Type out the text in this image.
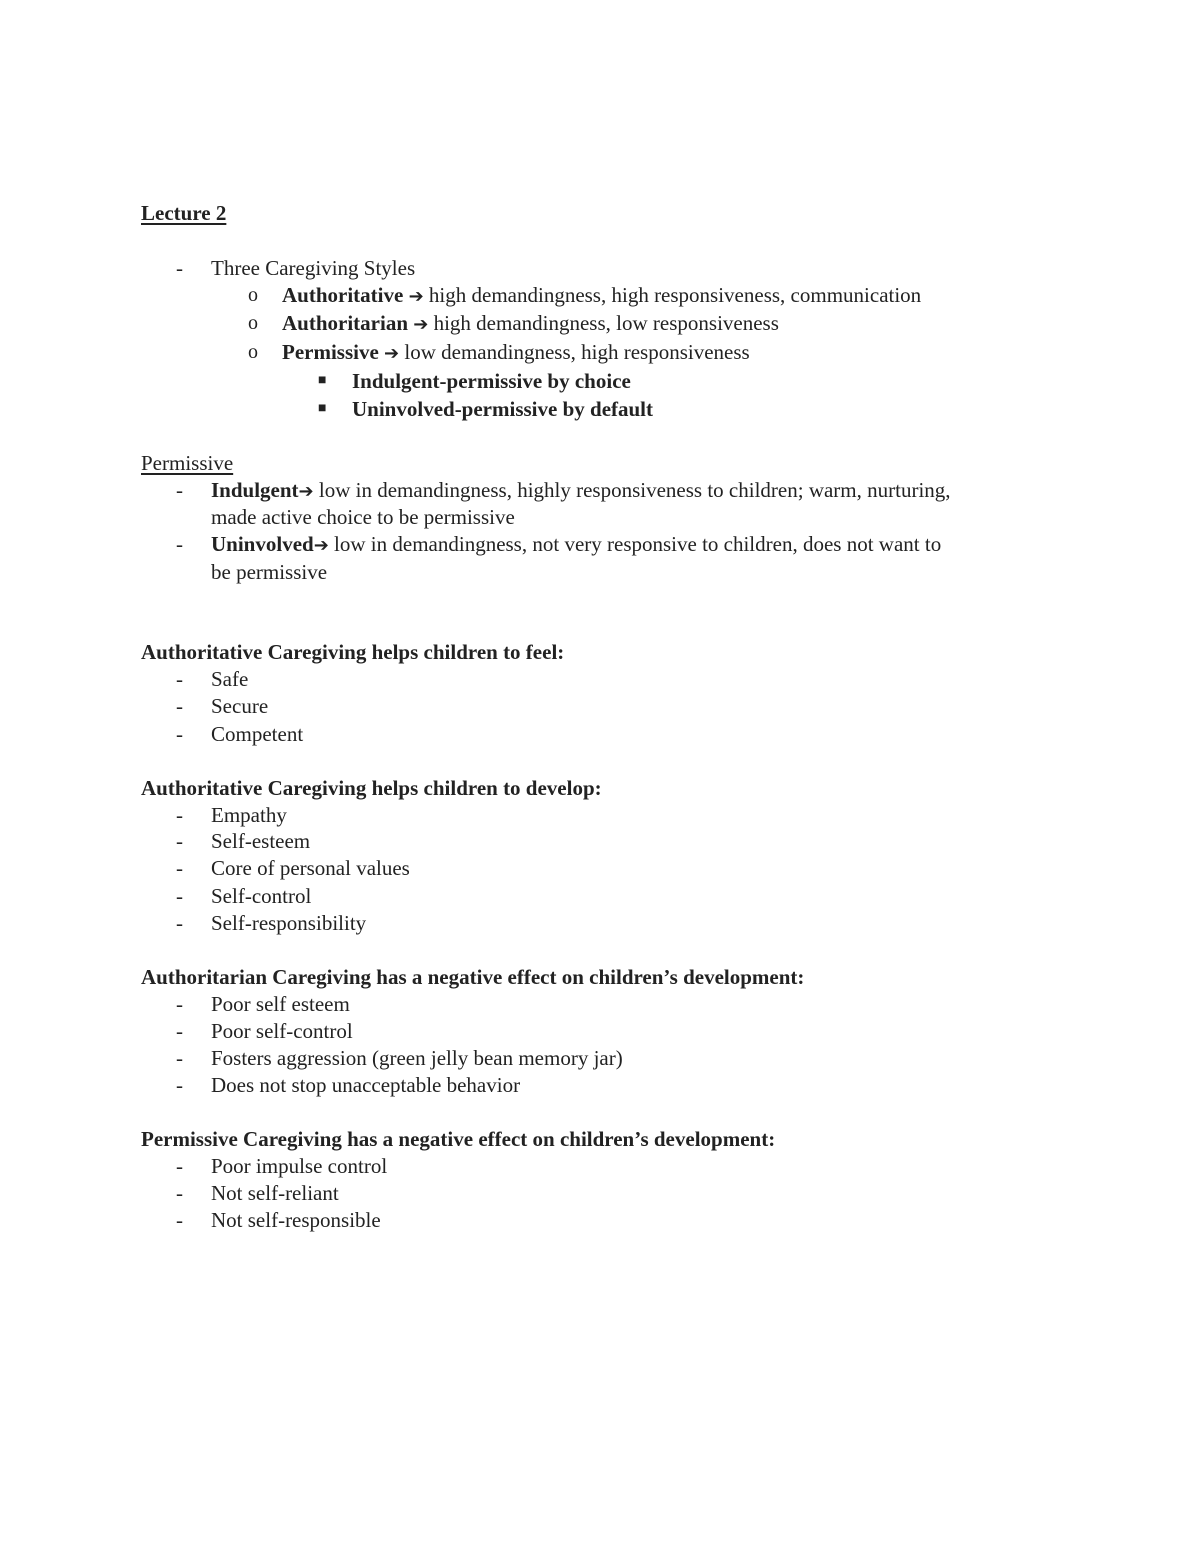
Lecture 2
-	Three Caregiving Styles
o	Authoritative ➔ high demandingness, high responsiveness, communication
o	Authoritarian ➔ high demandingness, low responsiveness
o	Permissive ➔ low demandingness, high responsiveness
■	Indulgent-permissive by choice
■	Uninvolved-permissive by default
Permissive
-	Indulgent➔ low in demandingness, highly responsiveness to children; warm, nurturing,
made active choice to be permissive
-	Uninvolved➔ low in demandingness, not very responsive to children, does not want to
be permissive
Authoritative Caregiving helps children to feel:
-	Safe
-	Secure
-	Competent
Authoritative Caregiving helps children to develop:
-	Empathy
-	Self-esteem
-	Core of personal values
-	Self-control
-	Self-responsibility
Authoritarian Caregiving has a negative effect on children’s development:
-	Poor self esteem
-	Poor self-control
-	Fosters aggression (green jelly bean memory jar)
-	Does not stop unacceptable behavior
Permissive Caregiving has a negative effect on children’s development:
-	Poor impulse control
-	Not self-reliant
-	Not self-responsible
